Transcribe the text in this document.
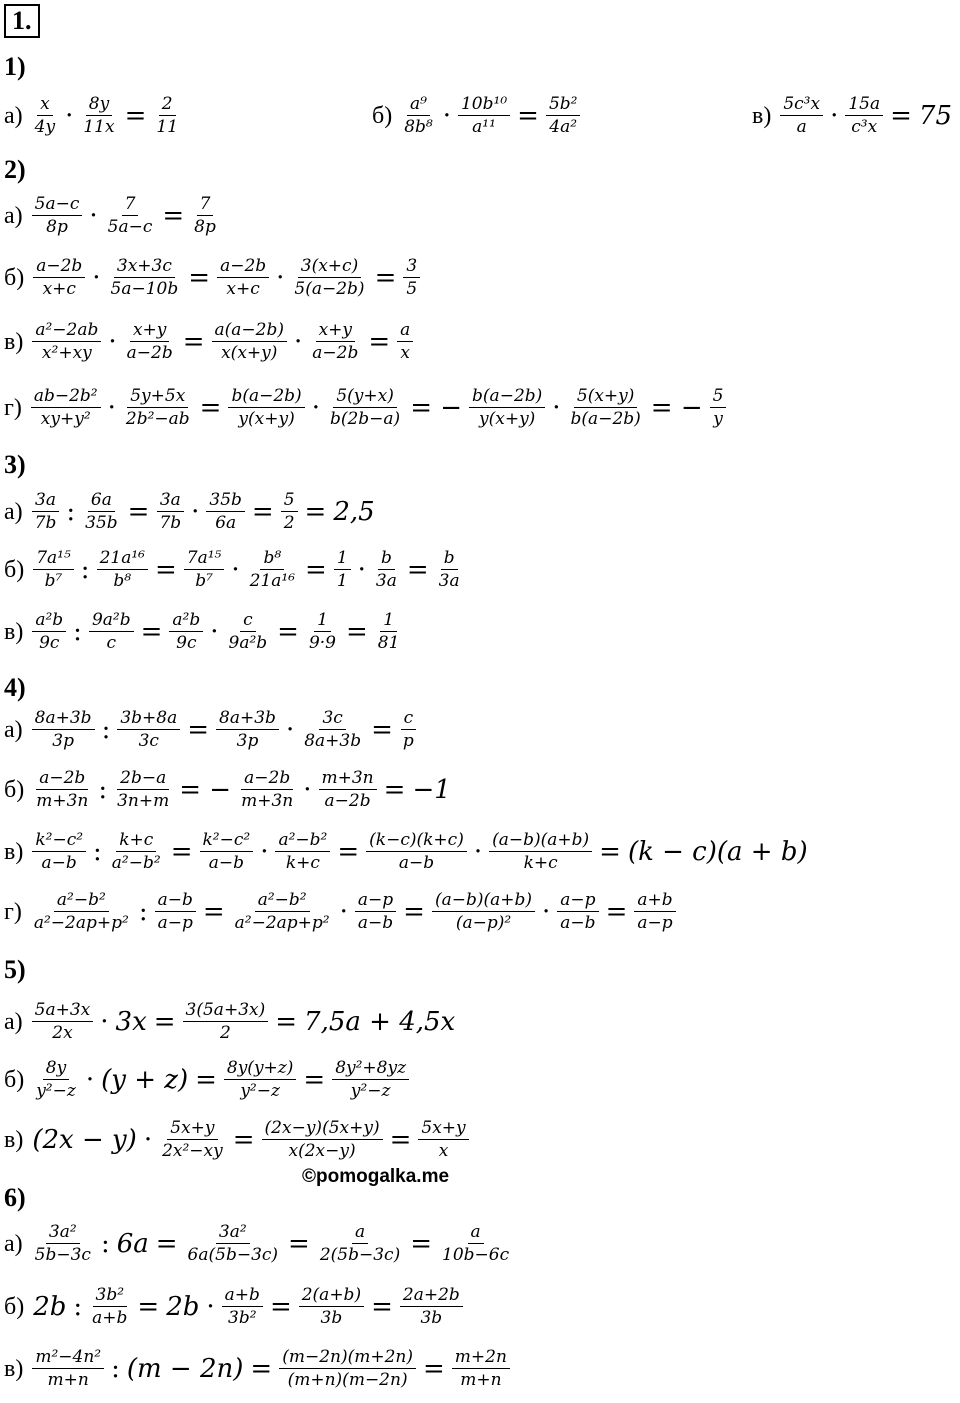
1.
1)
$а) \frac{x}{4y} \cdot \frac{8y}{11x} = \frac{2}{11}$	$б) \frac{\text{a⁹}}{\text{8b⁸}} \cdot \frac{\text{10b¹⁰}}{\text{a¹¹}} = \frac{\text{5b²}}{\text{4a²}}$	$в) \frac{\text{5c³x}}{a} \cdot \frac{15a}{\text{c³x}} = 75$
2)
$а) \frac{5a-c}{8p} \cdot \frac{7}{5a-c} = \frac{7}{8p}$
$б) \frac{a-2b}{x+c} \cdot \frac{3x+3c}{5a-10b} = \frac{a-2b}{x+c} \cdot \frac{3(x+c)}{5(a-2b)} = \frac{3}{5}$
$в) \frac{\text{a²−2ab}}{\text{x²+xy}} \cdot \frac{x+y}{a-2b} = \frac{a(a-2b)}{x(x+y)} \cdot \frac{x+y}{a-2b} = \frac{a}{x}$
$г) \frac{\text{ab−2b²}}{\text{xy+y²}} \cdot \frac{5y+5x}{\text{2b²−ab}} = \frac{b(a-2b)}{y(x+y)} \cdot \frac{5(y+x)}{b(2b-a)}$ = − $\frac{b(a-2b)}{y(x+y)} \cdot \frac{5(x+y)}{b(a-2b)}$ = − $\frac{5}{y}$
3)
$а) \frac{3a}{7b}$ : $\frac{6a}{35b} = \frac{3a}{7b} \cdot \frac{35b}{6a} = \frac{5}{2} = 2,5$
$б) \frac{\text{7a¹⁵}}{\text{b⁷}}$ : $\frac{\text{21a¹⁶}}{\text{b⁸}} = \frac{\text{7a¹⁵}}{\text{b⁷}} \cdot \frac{\text{b⁸}}{\text{21a¹⁶}} = \frac{1}{1} \cdot \frac{b}{3a} = \frac{b}{3a}$
$в) \frac{\text{a²b}}{9c}$ : $\frac{\text{9a²b}}{c} = \frac{\text{a²b}}{9c} \cdot \frac{c}{\text{9a²b}} = \frac{1}{9\cdot 9} = \frac{1}{81}$
4)
$а) \frac{8a+3b}{3p}$ : $\frac{3b+8a}{3c} = \frac{8a+3b}{3p} \cdot \frac{3c}{8a+3b} = \frac{c}{p}$
$б) \frac{a-2b}{m+3n}$ : $\frac{2b-a}{3n+m}$ = − $\frac{a-2b}{m+3n} \cdot \frac{m+3n}{a-2b} = -1$
$в) \frac{\text{k²−c²}}{a-b}$ : $\frac{k+c}{\text{a²−b²}} = \frac{\text{k²−c²}}{a-b} \cdot \frac{\text{a²−b²}}{k+c} = \frac{(k-c)(k+c)}{a-b} \cdot \frac{(a-b)(a+b)}{k+c} = (k - c)(a + b)$
$г) \frac{\text{a²−b²}}{\text{a²−2ap+p²}}$ : $\frac{a-b}{a-p} = \frac{\text{a²−b²}}{\text{a²−2ap+p²}} \cdot \frac{a-p}{a-b} = \frac{(a-b)(a+b)}{\text{(a−p)²}} \cdot \frac{a-p}{a-b} = \frac{a+b}{a-p}$
5)
$а) \frac{5a+3x}{2x} \cdot 3x = \frac{3(5a+3x)}{2} = 7,5a + 4,5x$
$б) \frac{8y}{\text{y²−z}} \cdot (y + z) = \frac{8y(y+z)}{\text{y²−z}} = \frac{\text{8y²+8yz}}{\text{y²−z}}$
в) $(2x - y) \cdot \frac{5x+y}{\text{2x²−xy}} = \frac{(2x-y)(5x+y)}{x(2x-y)} = \frac{5x+y}{x}$
6)
$а) \frac{\text{3a²}}{5b-3c}$ : $6a = \frac{\text{3a²}}{6a(5b-3c)} = \frac{a}{2(5b-3c)} = \frac{a}{10b-6c}$
б) 2b : $\frac{\text{3b²}}{a+b} = 2b \cdot \frac{a+b}{\text{3b²}} = \frac{2(a+b)}{3b} = \frac{2a+2b}{3b}$
$в) \frac{\text{m²−4n²}}{m+n}$ : $(m - 2n) = \frac{(m-2n)(m+2n)}{(m+n)(m-2n)} = \frac{m+2n}{m+n}$
©pomogalka.me
